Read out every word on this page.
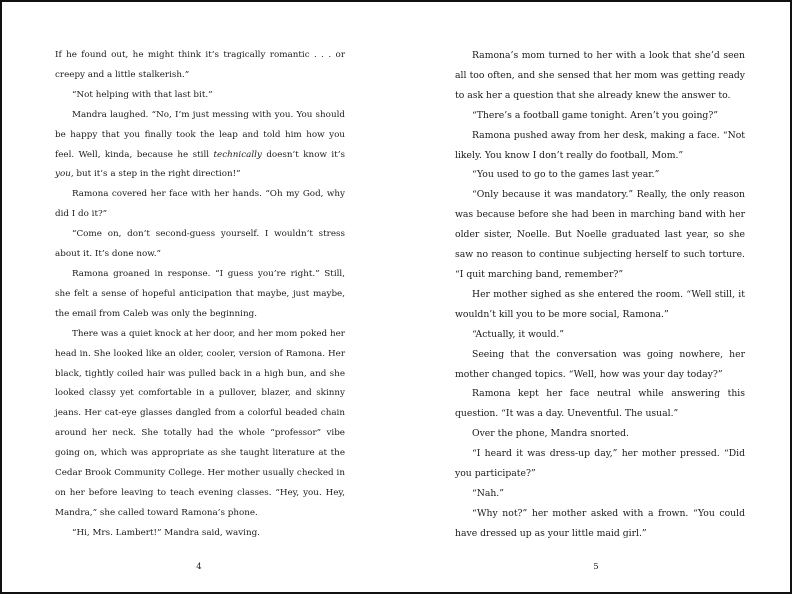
If he found out, he might think it’s tragically romantic . . . or creepy and a little stalkerish.”

“Not helping with that last bit.”

Mandra laughed. “No, I’m just messing with you. You should be happy that you finally took the leap and told him how you feel. Well, kinda, because he still technically doesn’t know it’s you, but it’s a step in the right direction!”

Ramona covered her face with her hands. “Oh my God, why did I do it?”

“Come on, don’t second-guess yourself. I wouldn’t stress about it. It’s done now.”

Ramona groaned in response. “I guess you’re right.” Still, she felt a sense of hopeful anticipation that maybe, just maybe, the email from Caleb was only the beginning.

There was a quiet knock at her door, and her mom poked her head in. She looked like an older, cooler, version of Ramona. Her black, tightly coiled hair was pulled back in a high bun, and she looked classy yet comfortable in a pullover, blazer, and skinny jeans. Her cat-eye glasses dangled from a colorful beaded chain around her neck. She totally had the whole “professor” vibe going on, which was appropriate as she taught literature at the Cedar Brook Community College. Her mother usually checked in on her before leaving to teach evening classes. “Hey, you. Hey, Mandra,” she called toward Ramona’s phone.

“Hi, Mrs. Lambert!” Mandra said, waving.

4

Ramona’s mom turned to her with a look that she’d seen all too often, and she sensed that her mom was getting ready to ask her a question that she already knew the answer to.

“There’s a football game tonight. Aren’t you going?”

Ramona pushed away from her desk, making a face. “Not likely. You know I don’t really do football, Mom.”

“You used to go to the games last year.”

“Only because it was mandatory.” Really, the only reason was because before she had been in marching band with her older sister, Noelle. But Noelle graduated last year, so she saw no reason to continue subjecting herself to such torture. “I quit marching band, remember?”

Her mother sighed as she entered the room. “Well still, it wouldn’t kill you to be more social, Ramona.”

“Actually, it would.”

Seeing that the conversation was going nowhere, her mother changed topics. “Well, how was your day today?”

Ramona kept her face neutral while answering this question. “It was a day. Uneventful. The usual.”

Over the phone, Mandra snorted.

“I heard it was dress-up day,” her mother pressed. “Did you participate?”

“Nah.”

“Why not?” her mother asked with a frown. “You could have dressed up as your little maid girl.”

5
